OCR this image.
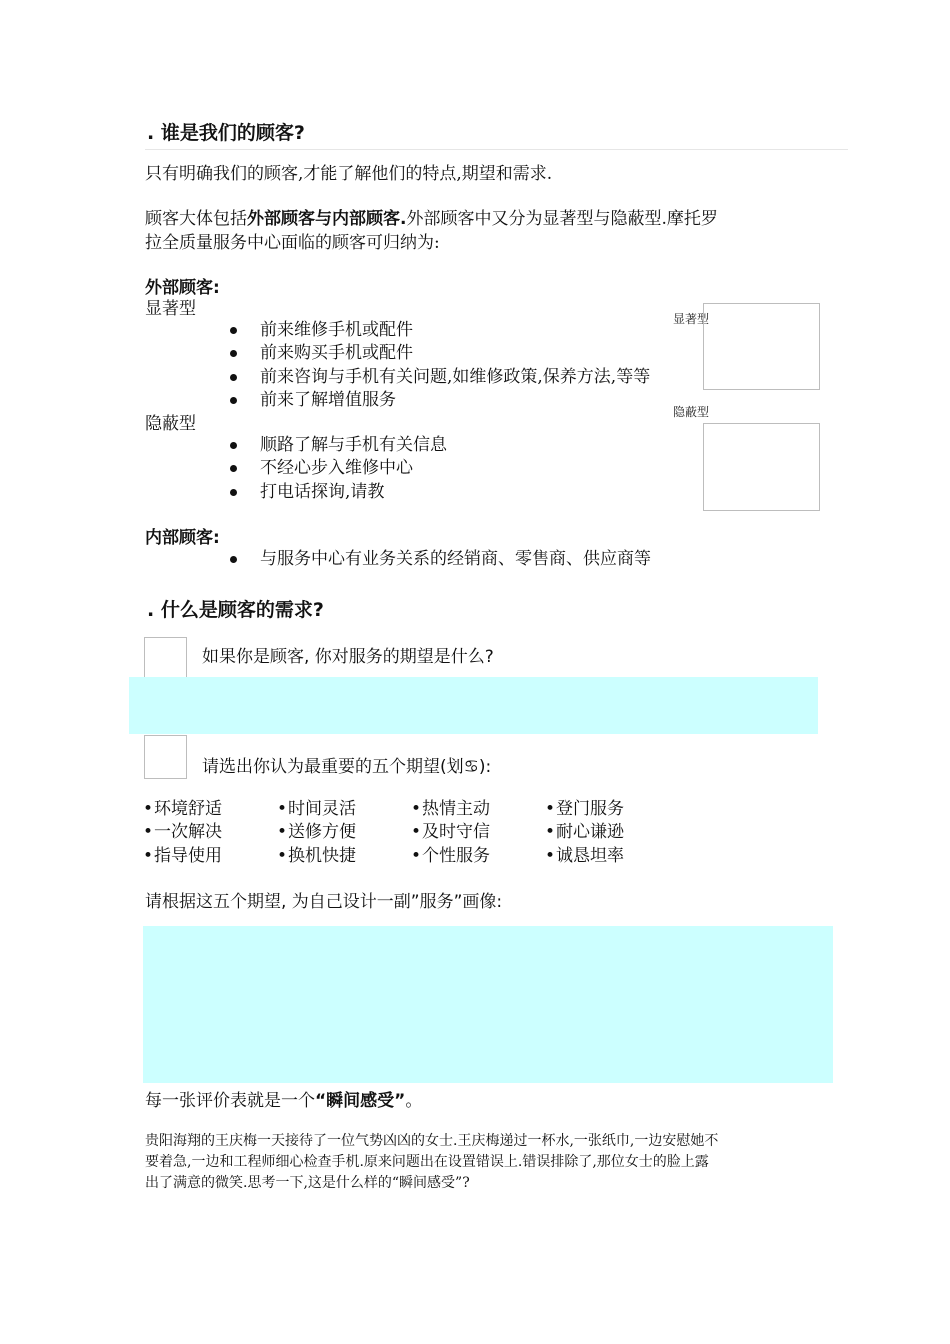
. 谁是我们的顾客?
只有明确我们的顾客,才能了解他们的特点,期望和需求.
顾客大体包括外部顾客与内部顾客.外部顾客中又分为显著型与隐蔽型.摩托罗
拉全质量服务中心面临的顾客可归纳为:
外部顾客:
显著型
前来维修手机或配件
前来购买手机或配件
前来咨询与手机有关问题,如维修政策,保养方法,等等
前来了解增值服务
隐蔽型
顺路了解与手机有关信息
不经心步入维修中心
打电话探询,请教
显著型
隐蔽型
内部顾客:
与服务中心有业务关系的经销商、零售商、供应商等
. 什么是顾客的需求?
如果你是顾客, 你对服务的期望是什么?
请选出你认为最重要的五个期望(划♋):
• 环境舒适	• 时间灵活	• 热情主动	• 登门服务
• 一次解决	• 送修方便	• 及时守信	• 耐心谦逊
• 指导使用	• 换机快捷	• 个性服务	• 诚恳坦率
请根据这五个期望, 为自己设计一副”服务”画像:
每一张评价表就是一个“瞬间感受”。
贵阳海翔的王庆梅一天接待了一位气势凶凶的女士.王庆梅递过一杯水,一张纸巾,一边安慰她不
要着急,一边和工程师细心检查手机.原来问题出在设置错误上.错误排除了,那位女士的脸上露
出了满意的微笑.思考一下,这是什么样的“瞬间感受”?
